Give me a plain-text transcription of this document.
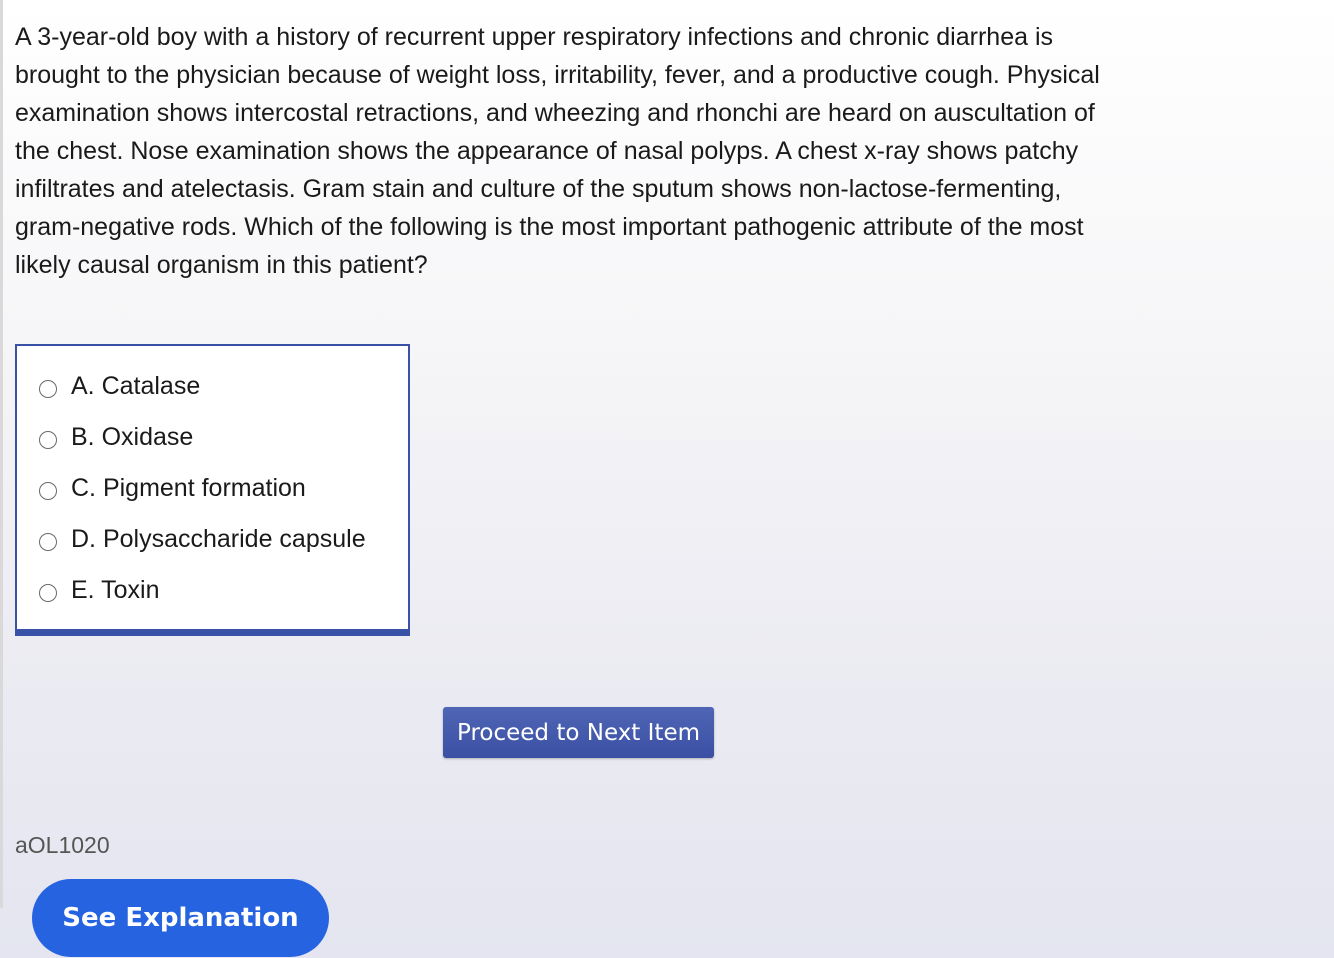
A 3-year-old boy with a history of recurrent upper respiratory infections and chronic diarrhea is brought to the physician because of weight loss, irritability, fever, and a productive cough. Physical examination shows intercostal retractions, and wheezing and rhonchi are heard on auscultation of the chest. Nose examination shows the appearance of nasal polyps. A chest x-ray shows patchy infiltrates and atelectasis. Gram stain and culture of the sputum shows non-lactose-fermenting, gram-negative rods. Which of the following is the most important pathogenic attribute of the most likely causal organism in this patient?

A. Catalase
B. Oxidase
C. Pigment formation
D. Polysaccharide capsule
E. Toxin
Proceed to Next Item
aOL1020
See Explanation
